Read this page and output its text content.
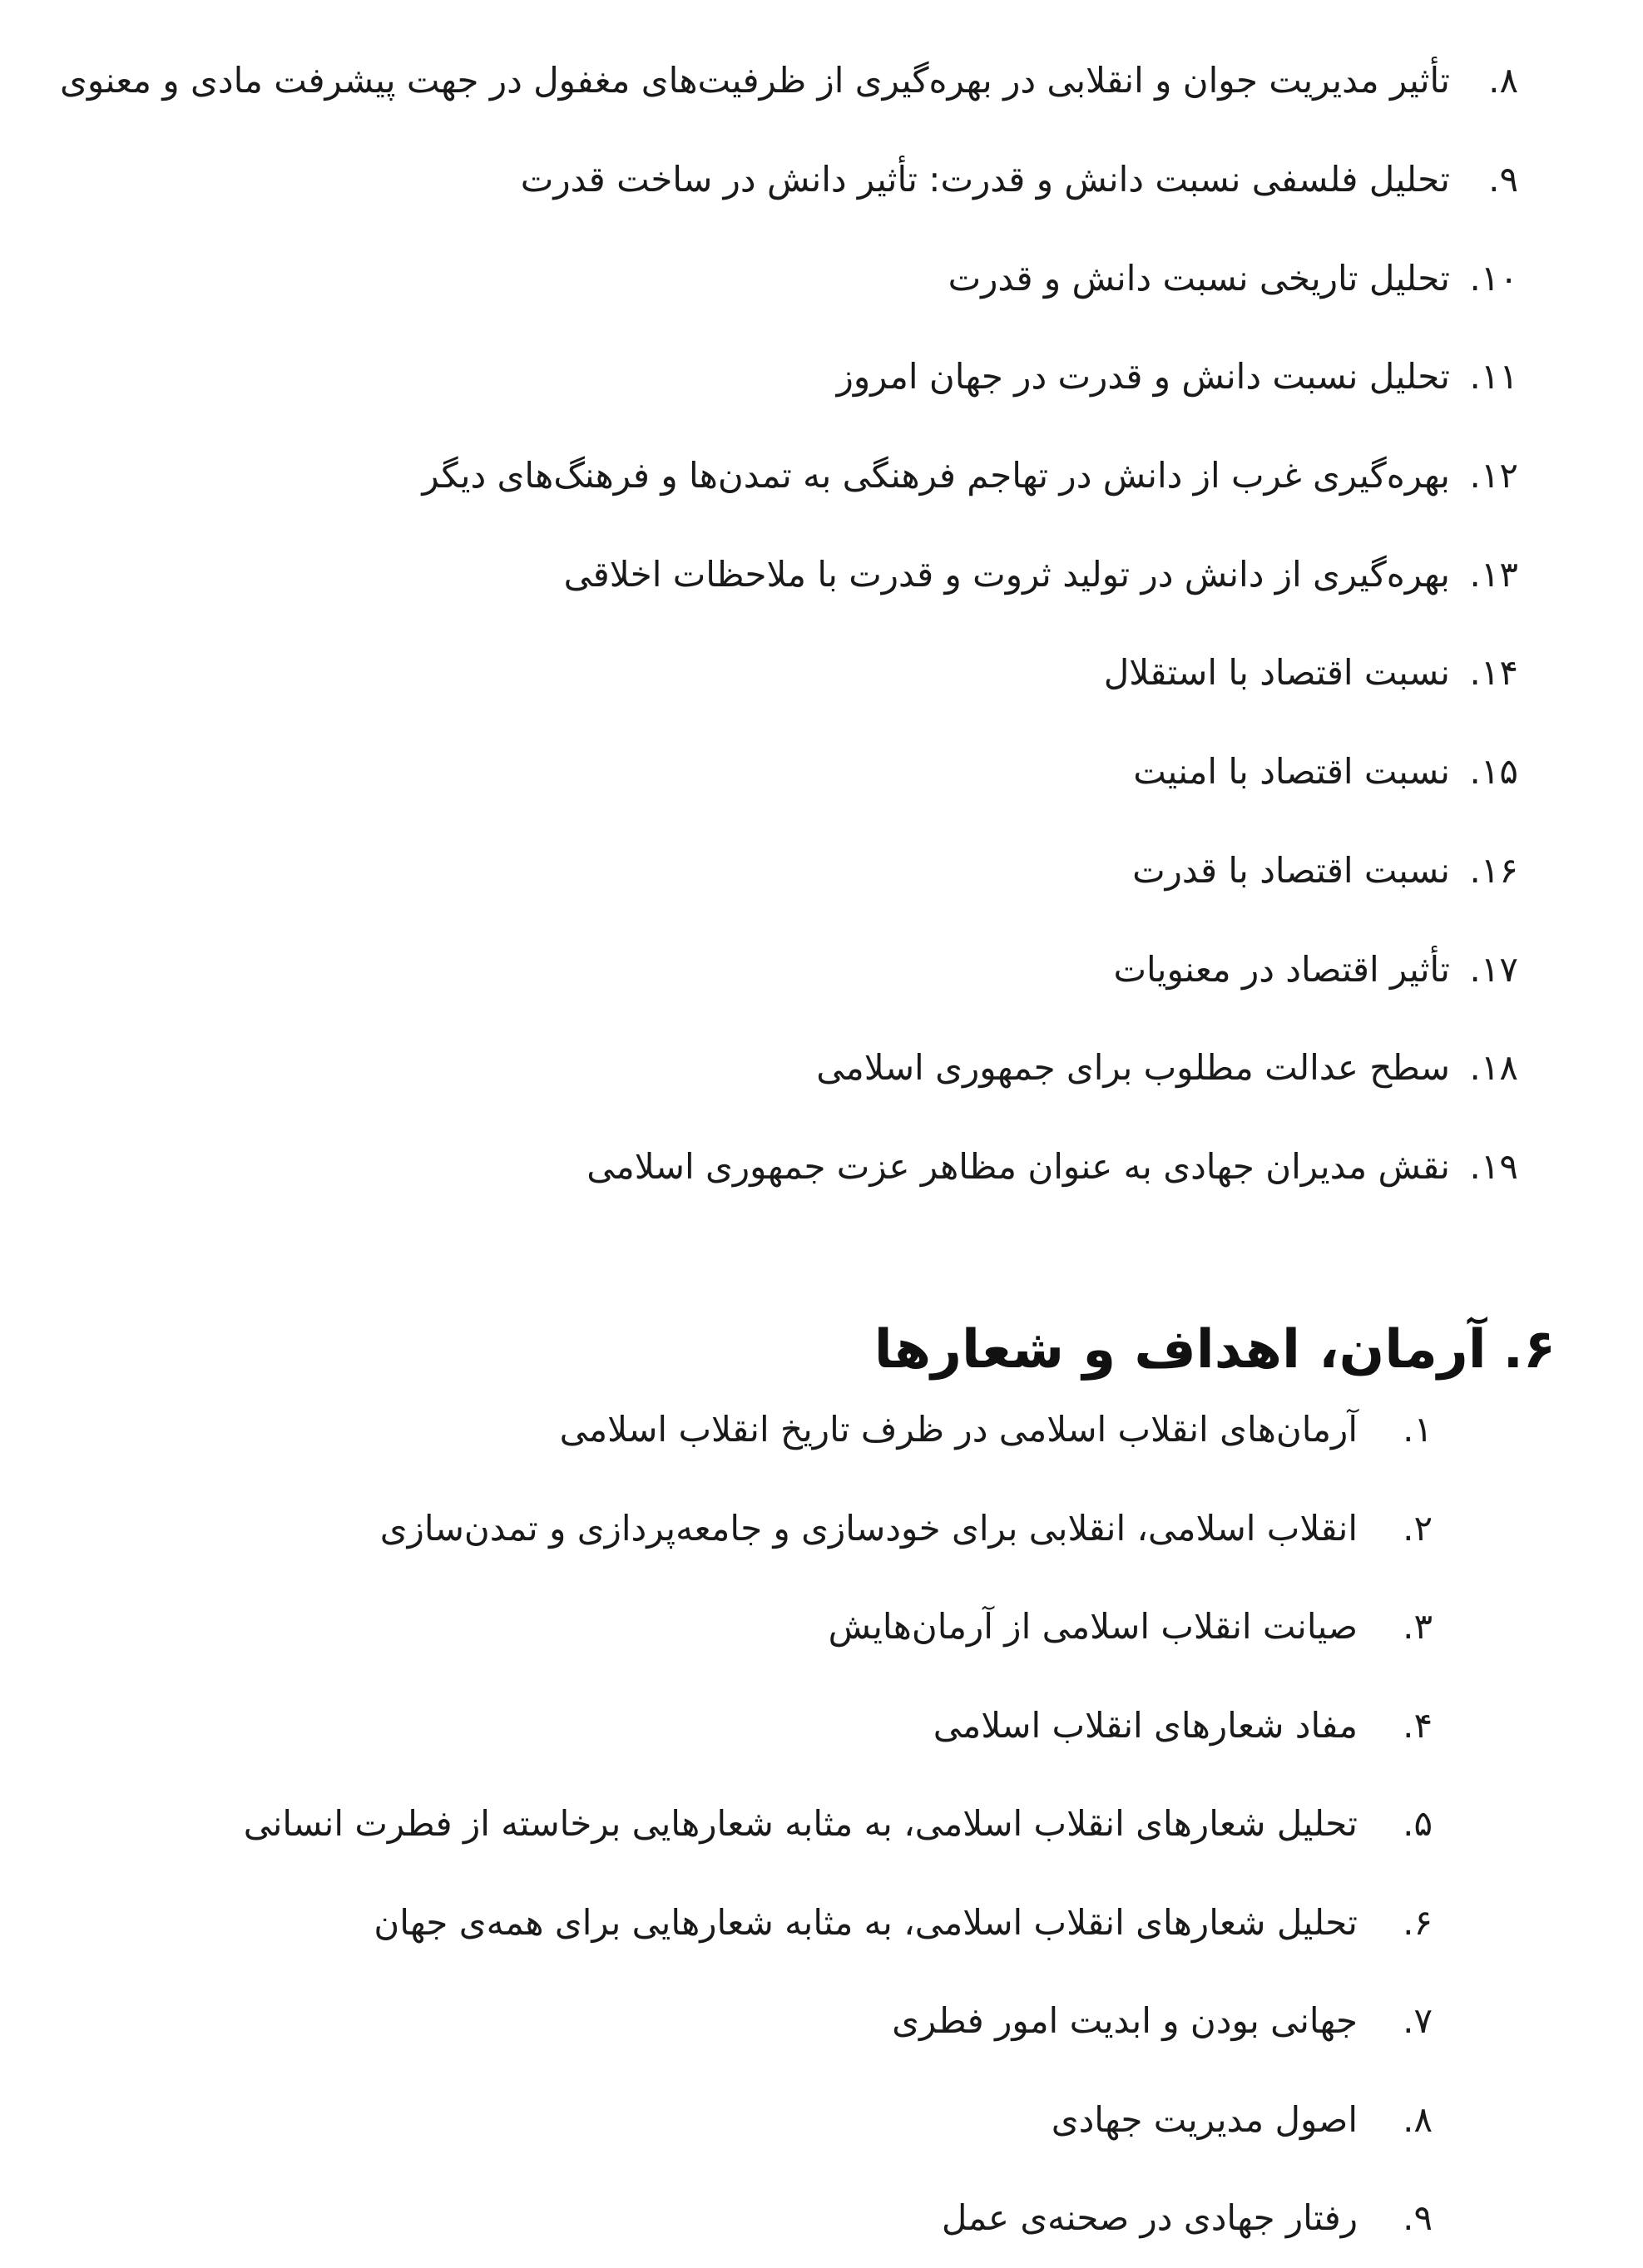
۸.
تأثیر مدیریت جوان و انقلابی در بهره‌گیری از ظرفیت‌های مغفول در جهت پیشرفت مادی و معنوی
۹.
تحلیل فلسفی نسبت دانش و قدرت: تأثیر دانش در ساخت قدرت
۱۰.
تحلیل تاریخی نسبت دانش و قدرت
۱۱.
تحلیل نسبت دانش و قدرت در جهان امروز
۱۲.
بهره‌گیری غرب از دانش در تهاجم فرهنگی به تمدن‌ها و فرهنگ‌های دیگر
۱۳.
بهره‌گیری از دانش در تولید ثروت و قدرت با ملاحظات اخلاقی
۱۴.
نسبت اقتصاد با استقلال
۱۵.
نسبت اقتصاد با امنیت
۱۶.
نسبت اقتصاد با قدرت
۱۷.
تأثیر اقتصاد در معنویات
۱۸.
سطح عدالت مطلوب برای جمهوری اسلامی
۱۹.
نقش مدیران جهادی به عنوان مظاهر عزت جمهوری اسلامی
۶.
آرمان، اهداف و شعارها
۱.
آرمان‌های انقلاب اسلامی در ظرف تاریخ انقلاب اسلامی
۲.
انقلاب اسلامی، انقلابی برای خودسازی و جامعه‌پردازی و تمدن‌سازی
۳.
صیانت انقلاب اسلامی از آرمان‌هایش
۴.
مفاد شعارهای انقلاب اسلامی
۵.
تحلیل شعارهای انقلاب اسلامی، به مثابه شعارهایی برخاسته از فطرت انسانی
۶.
تحلیل شعارهای انقلاب اسلامی، به مثابه شعارهایی برای همه‌ی جهان
۷.
جهانی بودن و ابدیت امور فطری
۸.
اصول مدیریت جهادی
۹.
رفتار جهادی در صحنه‌ی عمل
